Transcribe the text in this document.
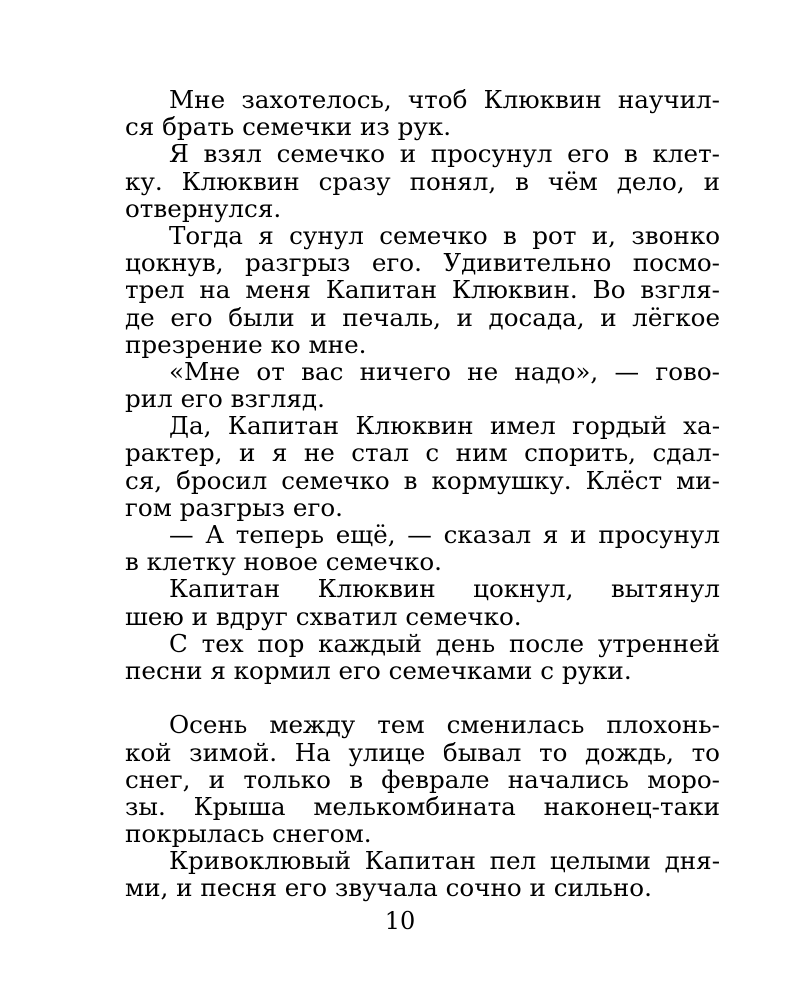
Мне захотелось, чтоб Клюквин научил-
ся брать семечки из рук.
Я взял семечко и просунул его в клет-
ку. Клюквин сразу понял, в чём дело, и
отвернулся.
Тогда я сунул семечко в рот и, звонко
цокнув, разгрыз его. Удивительно посмо-
трел на меня Капитан Клюквин. Во взгля-
де его были и печаль, и досада, и лёгкое
презрение ко мне.
«Мне от вас ничего не надо», — гово-
рил его взгляд.
Да, Капитан Клюквин имел гордый ха-
рактер, и я не стал с ним спорить, сдал-
ся, бросил семечко в кормушку. Клёст ми-
гом разгрыз его.
— А теперь ещё, — сказал я и просунул
в клетку новое семечко.
Капитан Клюквин цокнул, вытянул
шею и вдруг схватил семечко.
С тех пор каждый день после утренней
песни я кормил его семечками с руки.
Осень между тем сменилась плохонь-
кой зимой. На улице бывал то дождь, то
снег, и только в феврале начались моро-
зы. Крыша мелькомбината наконец-таки
покрылась снегом.
Кривоклювый Капитан пел целыми дня-
ми, и песня его звучала сочно и сильно.
10
